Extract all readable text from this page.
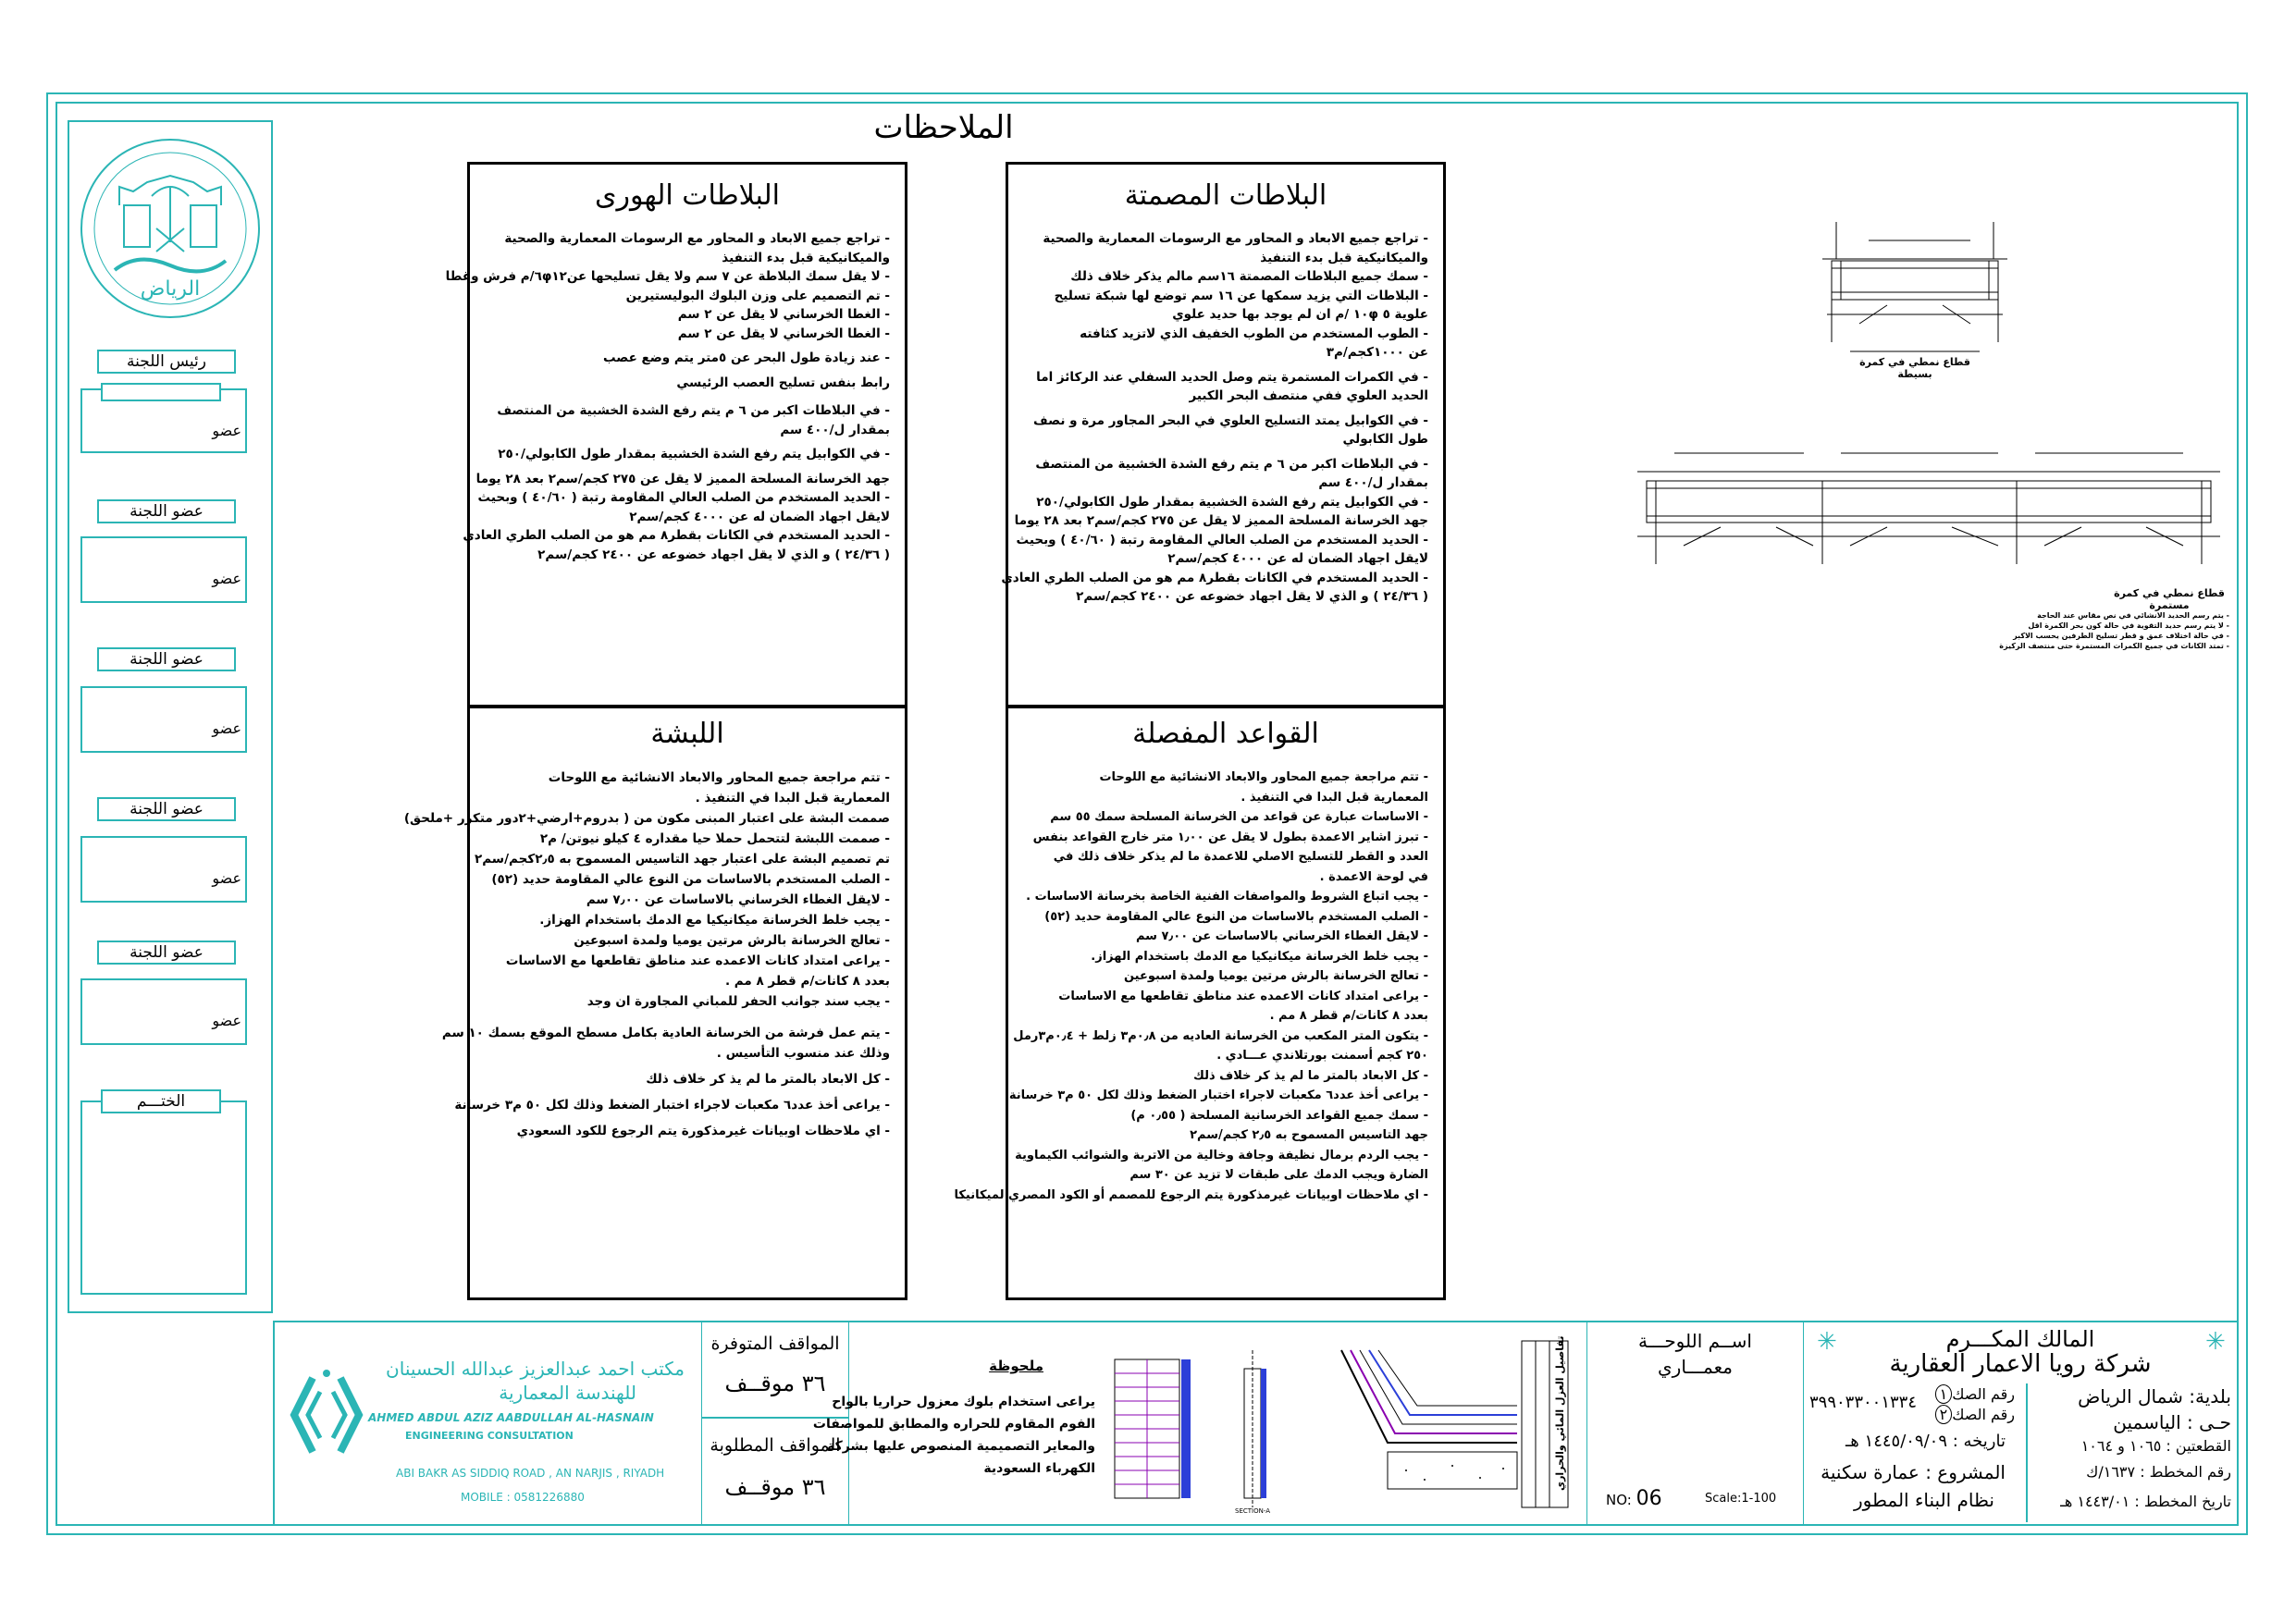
الملاحظات
الرياض
رئيس اللجنة
عضو
عضو اللجنة
عضو
عضو اللجنة
عضو
عضو اللجنة
عضو
عضو اللجنة
عضو
الختـــم
البلاطات الهورى
- تراجع جميع الابعاد و المحاور مع الرسومات المعمارية والصحية
والميكانيكية قبل بدء التنفيذ
- لا يقل سمك البلاطة عن ٧ سم ولا يقل تسليحها عن٦φ١٢/م فرش وغطا
- تم التصميم على وزن البلوك البوليستيرين
- الغطا الخرساني لا يقل عن ٢ سم
- الغطا الخرساني لا يقل عن ٢ سم
- عند زيادة طول البحر عن ٥متر يتم وضع عصب
رابط بنفس تسليح العصب الرئيسي
- في البلاطات اكبر من ٦ م يتم رفع الشدة الخشبية من المنتصف
بمقدار ل/٤٠٠ سم
- في الكوابيل يتم رفع الشدة الخشبية بمقدار طول الكابولي/٢٥٠
جهد الخرسانة المسلحة المميز لا يقل عن ٢٧٥ كجم/سم٢ بعد ٢٨ يوما
- الحديد المستخدم من الصلب العالي المقاومة رتبة ( ٤٠/٦٠ ) وبحيث
لايقل اجهاد الضمان له عن ٤٠٠٠ كجم/سم٢
- الحديد المستخدم في الكانات بقطر٨ مم هو من الصلب الطري العادي
( ٢٤/٣٦ ) و الذي لا يقل اجهاد خضوعه عن ٢٤٠٠ كجم/سم٢
البلاطات المصمتة
- تراجع جميع الابعاد و المحاور مع الرسومات المعمارية والصحية
والميكانيكية قبل بدء التنفيذ
- سمك جميع البلاطات المصمتة ١٦سم مالم يذكر خلاف ذلك
- البلاطات التي يزيد سمكها عن ١٦ سم توضع لها شبكة تسليح
علوية ٥ ١٠φ /م ان لم يوجد بها حديد علوي
- الطوب المستخدم من الطوب الخفيف الذي لاتزيد كثافته
عن ١٠٠٠كجم/م٣
- في الكمرات المستمرة يتم وصل الحديد السفلي عند الركائز اما
الحديد العلوي ففي منتصف البحر الكبير
- في الكوابيل يمتد التسليح العلوي في البحر المجاور مرة و نصف
طول الكابولي
- في البلاطات اكبر من ٦ م يتم رفع الشدة الخشبية من المنتصف
بمقدار ل/٤٠٠ سم
- في الكوابيل يتم رفع الشدة الخشبية بمقدار طول الكابولي/٢٥٠
جهد الخرسانة المسلحة المميز لا يقل عن ٢٧٥ كجم/سم٢ بعد ٢٨ يوما
- الحديد المستخدم من الصلب العالي المقاومة رتبة ( ٤٠/٦٠ ) وبحيث
لايقل اجهاد الضمان له عن ٤٠٠٠ كجم/سم٢
- الحديد المستخدم في الكانات بقطر٨ مم هو من الصلب الطري العادي
( ٢٤/٣٦ ) و الذي لا يقل اجهاد خضوعه عن ٢٤٠٠ كجم/سم٢
اللبشة
- تتم مراجعة جميع المحاور والابعاد الانشائية مع اللوحات
المعمارية قبل البدا في التنفيذ .
صممت البشة على اعتبار المبنى مكون من ( بدروم+ارضي+٢دور متكرر +ملحق)
- صممت اللبشة لتتحمل حملا حيا مقداره ٤ كيلو نيوتن/ م٢
تم تصميم البشة على اعتبار جهد التاسيس المسموح به ٢٫٥كجم/سم٢
- الصلب المستخدم بالاساسات من النوع عالي المقاومة حديد (٥٢)
- لايقل الغطاء الخرساني بالاساسات عن ٧٫٠٠ سم
- يجب خلط الخرسانة ميكانيكيا مع الدمك باستخدام الهزاز.
- تعالج الخرسانة بالرش مرتين يوميا ولمدة اسبوعين
- يراعى امتداد كانات الاعمده عند مناطق تقاطعها مع الاساسات
بعدد ٨ كانات/م قطر ٨ مم .
- يجب سند جوانب الحفر للمباني المجاورة ان وجد
- يتم عمل فرشة من الخرسانة العادية بكامل مسطح الموقع بسمك ١٠ سم
وذلك عند منسوب التأسيس .
- كل الابعاد بالمتر ما لم يذ كر خلاف ذلك
- يراعى أخذ عدد٦ مكعبات لاجراء اختبار الضغط وذلك لكل ٥٠ م٣ خرسانة
- اي ملاحظات اوبيانات غيرمذكورة يتم الرجوع للكود السعودي
القواعد المفصلة
- تتم مراجعة جميع المحاور والابعاد الانشائية مع اللوحات
المعمارية قبل البدا في التنفيذ .
- الاساسات عبارة عن قواعد من الخرسانة المسلحة سمك ٥٥ سم
- تبرز اشاير الاعمدة بطول لا يقل عن ١٫٠٠ متر خارج القواعد بنفس
العدد و القطر للتسليح الاصلي للاعمدة ما لم يذكر خلاف ذلك في
في لوحة الاعمدة .
- يجب اتباع الشروط والمواصفات الفنية الخاصة بخرسانة الاساسات .
- الصلب المستخدم بالاساسات من النوع عالي المقاومة حديد (٥٢)
- لايقل الغطاء الخرساني بالاساسات عن ٧٫٠٠ سم
- يجب خلط الخرسانة ميكانيكيا مع الدمك باستخدام الهزاز.
- تعالج الخرسانة بالرش مرتين يوميا ولمدة اسبوعين
- يراعى امتداد كانات الاعمده عند مناطق تقاطعها مع الاساسات
بعدد ٨ كانات/م قطر ٨ مم .
- يتكون المتر المكعب من الخرسانة العاديه من ٠٫٨م٣ زلط + ٠٫٤م٣رمل
٢٥٠ كجم أسمنت بورتلاندي عـــادي .
- كل الابعاد بالمتر ما لم يذ كر خلاف ذلك
- يراعى أخذ عدد٦ مكعبات لاجراء اختبار الضغط وذلك لكل ٥٠ م٣ خرسانة.
- سمك جميع القواعد الخرسانية المسلحة ( ٠٫٥٥ م)
جهد التاسيس المسموح به ٢٫٥ كجم/سم٢
- يجب الردم برمال نظيفة وجافة وخالية من الاتربة والشوائب الكيماوية
الضارة ويجب الدمك على طبقات لا تزيد عن ٣٠ سم
- اي ملاحظات اوبيانات غيرمذكورة يتم الرجوع للمصمم أو الكود المصري لميكانيكا
قطاع نمطي في كمرة بسيطة
قطاع نمطي في كمرة مستمرة
- يتم رسم الحديد الانشائي في نص مقاس عند الحاجة
- لا يتم رسم حديد التقوية في حالة كون بحر الكمرة اقل
- في حالة اختلاف عمق و قطر تسليح الطرفين يحسب الاكبر
- تمتد الكانات في جميع الكمرات المستمرة حتى منتصف الركيزة
مكتب احمد عبدالعزيز عبدالله الحسينان
للهندسة المعمارية
AHMED ABDUL AZIZ AABDULLAH AL-HASNAIN
ENGINEERING CONSULTATION
ABI BAKR AS SIDDIQ ROAD , AN NARJIS , RIYADH
MOBILE : 0581226880
المواقف المتوفرة
٣٦ موقــف
المواقف المطلوبة
٣٦ موقــف
ملحوظة
يراعى استخدام بلوك معزول حراريا بالواح
الفوم المقاوم للحراره والمطابق للمواصفات
والمعاير التصميمية المنصوص عليها بشركة
الكهرباء السعودية
SECTION-A
تفاصيل العزل المائي والحراري	اســم اللوحـــة
معمـــاري
NO: 06	Scale:1-100
✳	✳
المالك المكـــرم
شركة رويا الاعمار العقارية
بلدية: شمال الرياض
حـى : الياسمين
القطعتين : ١٠٦٥ و ١٠٦٤
رقم المخطط : ١٦٣٧/ك
تاريخ المخطط : ١٤٤٣/٠١ هـ
رقم الصك١
رقم الصك٢
٣٩٩٠٣٣٠٠١٣٣٤
تاريخه : ١٤٤٥/٠٩/٠٩ هـ
المشروع : عمارة سكنية
نظام البناء المطور
